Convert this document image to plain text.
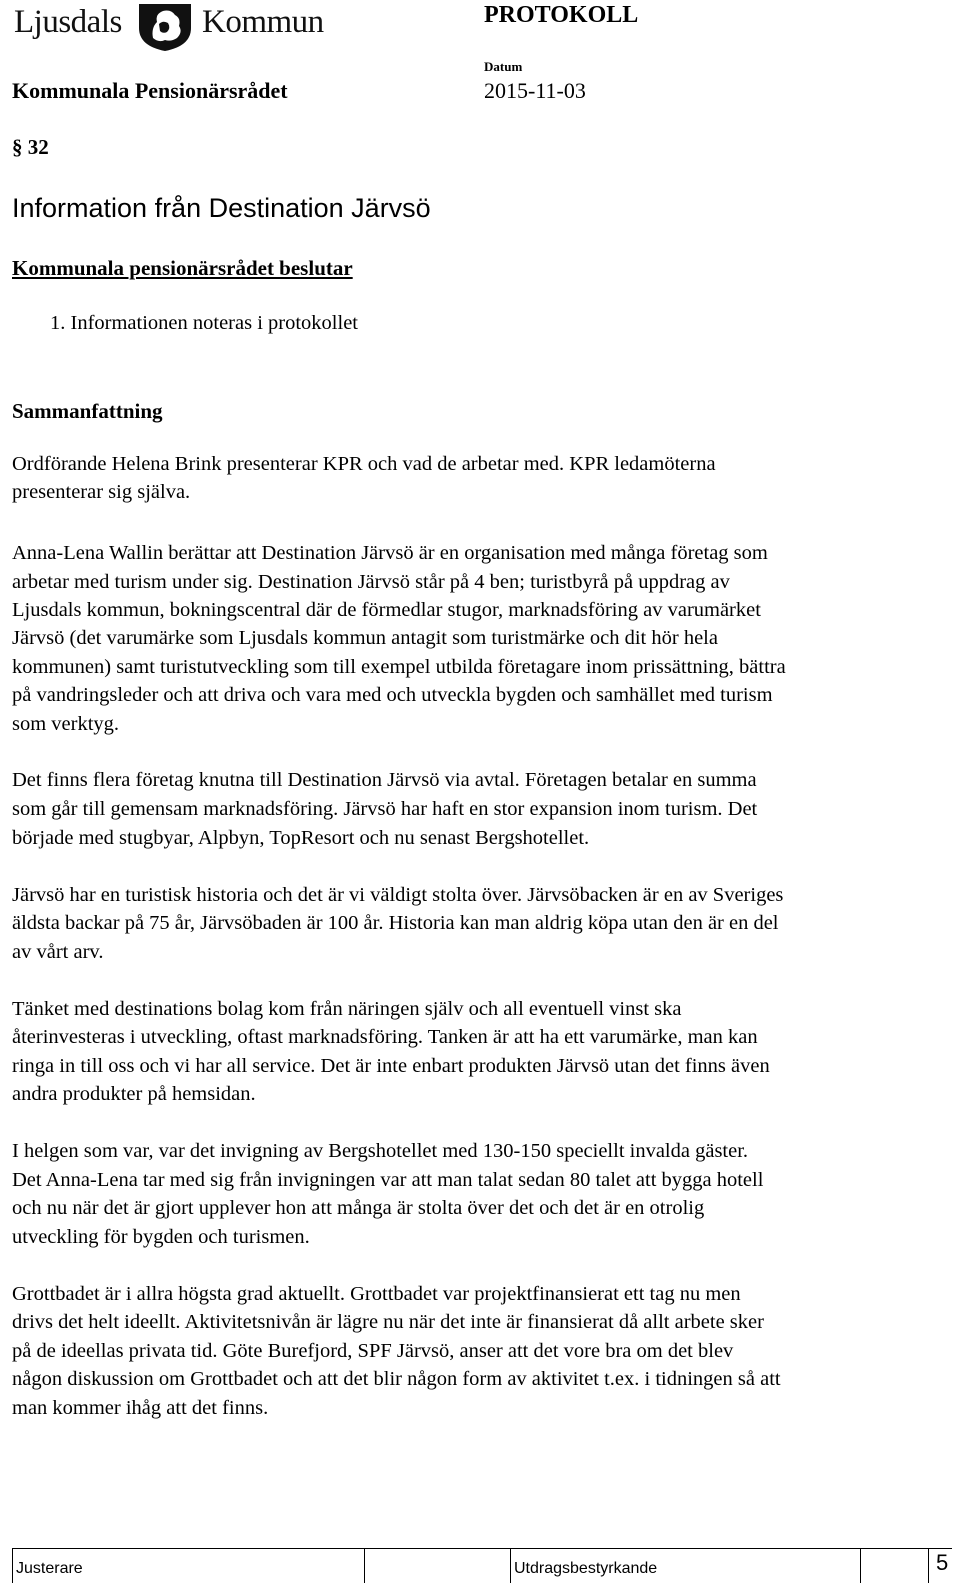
Ljusdals Kommun	PROTOKOLL
Kommunala Pensionärsrådet
Datum
2015-11-03
§ 32
Information från Destination Järvsö
Kommunala pensionärsrådet beslutar
1. Informationen noteras i protokollet
Sammanfattning
Ordförande Helena Brink presenterar KPR och vad de arbetar med. KPR ledamöterna
presenterar sig själva.
Anna-Lena Wallin berättar att Destination Järvsö är en organisation med många företag som
arbetar med turism under sig. Destination Järvsö står på 4 ben; turistbyrå på uppdrag av
Ljusdals kommun, bokningscentral där de förmedlar stugor, marknadsföring av varumärket
Järvsö (det varumärke som Ljusdals kommun antagit som turistmärke och dit hör hela
kommunen) samt turistutveckling som till exempel utbilda företagare inom prissättning, bättra
på vandringsleder och att driva och vara med och utveckla bygden och samhället med turism
som verktyg.
Det finns flera företag knutna till Destination Järvsö via avtal. Företagen betalar en summa
som går till gemensam marknadsföring. Järvsö har haft en stor expansion inom turism. Det
började med stugbyar, Alpbyn, TopResort och nu senast Bergshotellet.
Järvsö har en turistisk historia och det är vi väldigt stolta över. Järvsöbacken är en av Sveriges
äldsta backar på 75 år, Järvsöbaden är 100 år. Historia kan man aldrig köpa utan den är en del
av vårt arv.
Tänket med destinations bolag kom från näringen själv och all eventuell vinst ska
återinvesteras i utveckling, oftast marknadsföring. Tanken är att ha ett varumärke, man kan
ringa in till oss och vi har all service. Det är inte enbart produkten Järvsö utan det finns även
andra produkter på hemsidan.
I helgen som var, var det invigning av Bergshotellet med 130-150 speciellt invalda gäster.
Det Anna-Lena tar med sig från invigningen var att man talat sedan 80 talet att bygga hotell
och nu när det är gjort upplever hon att många är stolta över det och det är en otrolig
utveckling för bygden och turismen.
Grottbadet är i allra högsta grad aktuellt. Grottbadet var projektfinansierat ett tag nu men
drivs det helt ideellt. Aktivitetsnivån är lägre nu när det inte är finansierat då allt arbete sker
på de ideellas privata tid. Göte Burefjord, SPF Järvsö, anser att det vore bra om det blev
någon diskussion om Grottbadet och att det blir någon form av aktivitet t.ex. i tidningen så att
man kommer ihåg att det finns.
Justerare	Utdragsbestyrkande	5
